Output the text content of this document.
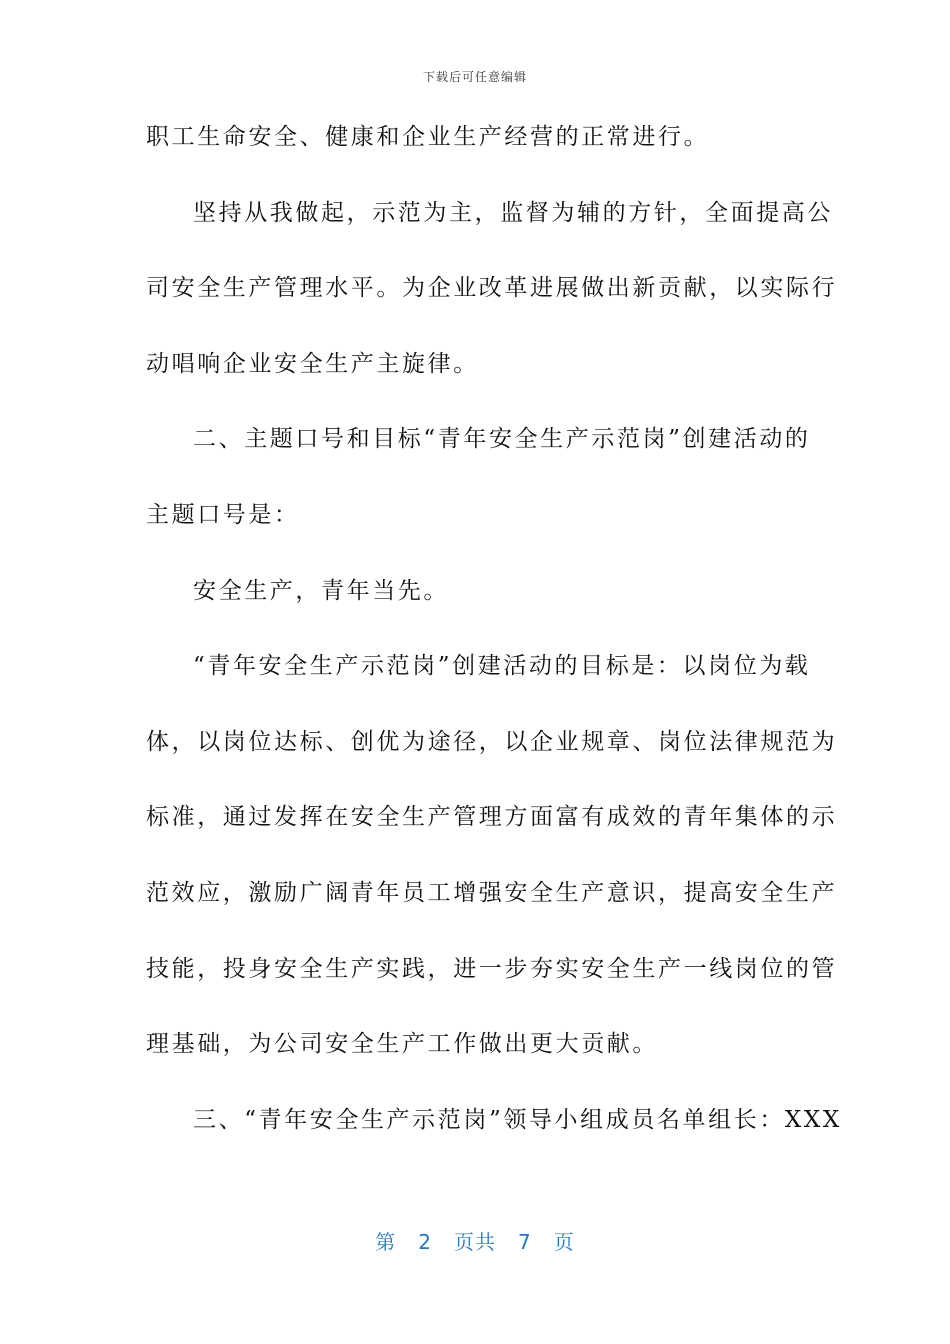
下载后可任意编辑
职工生命安全、健康和企业生产经营的正常进行。
坚持从我做起，示范为主，监督为辅的方针，全面提高公
司安全生产管理水平。为企业改革进展做出新贡献，以实际行
动唱响企业安全生产主旋律。
二、主题口号和目标“青年安全生产示范岗”创建活动的
主题口号是：
安全生产，青年当先。
“青年安全生产示范岗”创建活动的目标是：以岗位为载
体，以岗位达标、创优为途径，以企业规章、岗位法律规范为
标准，通过发挥在安全生产管理方面富有成效的青年集体的示
范效应，激励广阔青年员工增强安全生产意识，提高安全生产
技能，投身安全生产实践，进一步夯实安全生产一线岗位的管
理基础，为公司安全生产工作做出更大贡献。
三、“青年安全生产示范岗”领导小组成员名单组长：XXX
第 2 页共 7 页
